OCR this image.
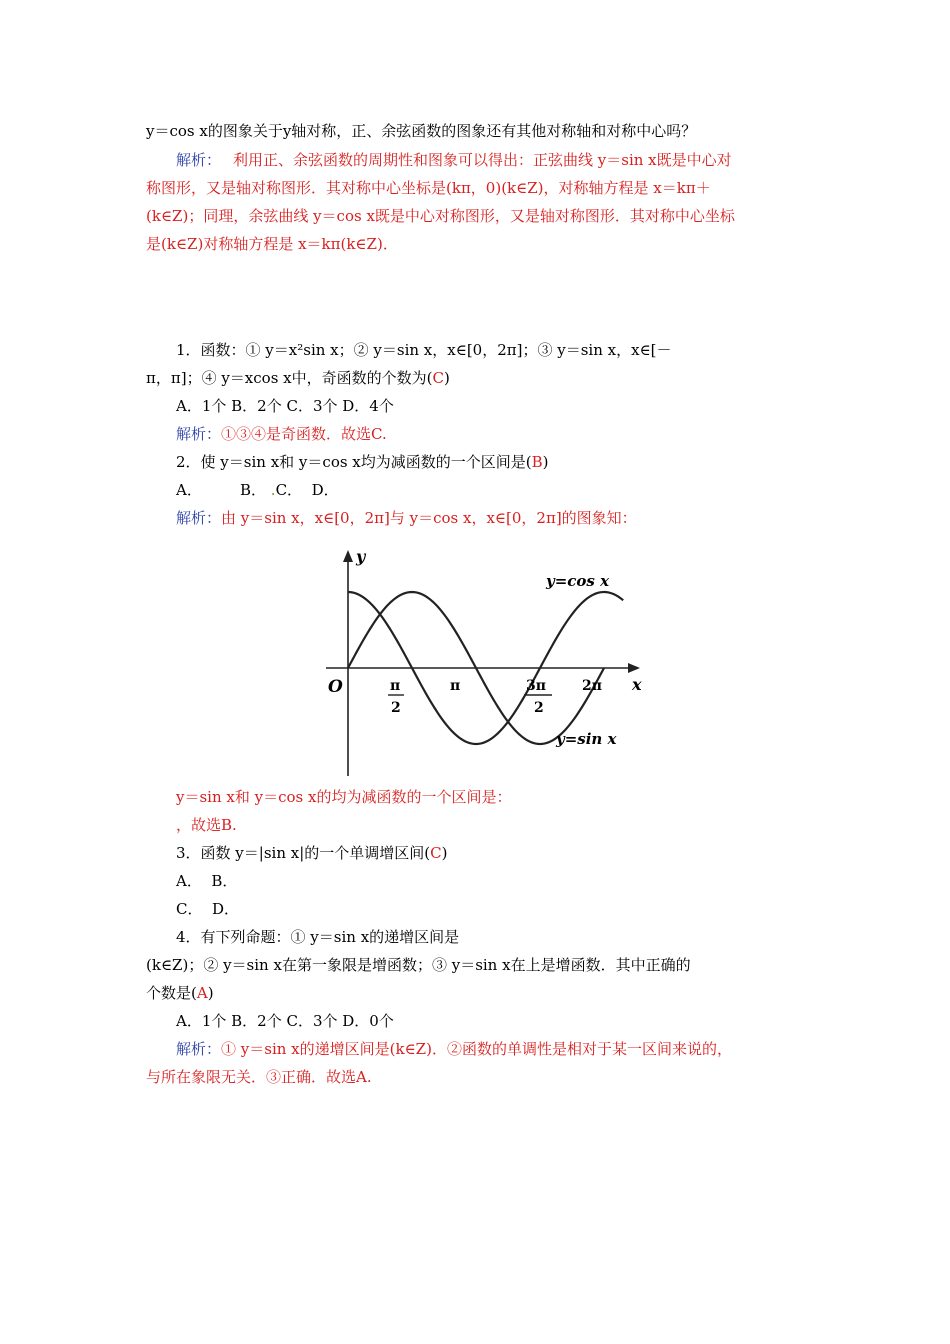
y＝cos x的图象关于y轴对称，正、余弦函数的图象还有其他对称轴和对称中心吗？
解析： 利用正、余弦函数的周期性和图象可以得出：正弦曲线 y＝sin x既是中心对
称图形，又是轴对称图形．其对称中心坐标是(kπ，0)(k∈Z)，对称轴方程是 x＝kπ＋
(k∈Z)；同理，余弦曲线 y＝cos x既是中心对称图形，又是轴对称图形．其对称中心坐标
是(k∈Z)对称轴方程是 x＝kπ(k∈Z)．
1．函数：① y＝x²sin x；② y＝sin x，x∈[0，2π]；③ y＝sin x，x∈[－
π，π]；④ y＝xcos x中，奇函数的个数为(C)
A．1个 B．2个 C．3个 D．4个
解析：①③④是奇函数．故选C.
2．使 y＝sin x和 y＝cos x均为减函数的一个区间是(B)
A．        B． .C．  D．
解析：由 y＝sin x，x∈[0，2π]与 y＝cos x，x∈[0，2π]的图象知：
y
x
O	π
2
π	3π
2
2π
y=cos x
y=sin x
y＝sin x和 y＝cos x的均为减函数的一个区间是：
，故选B.
3．函数 y＝|sin x|的一个单调增区间(C)
A．  B．
C．  D．
4．有下列命题：① y＝sin x的递增区间是
(k∈Z)；② y＝sin x在第一象限是增函数；③ y＝sin x在上是增函数．其中正确的
个数是(A)
A．1个 B．2个 C．3个 D．0个
解析：① y＝sin x的递增区间是(k∈Z)．②函数的单调性是相对于某一区间来说的，
与所在象限无关．③正确．故选A.
